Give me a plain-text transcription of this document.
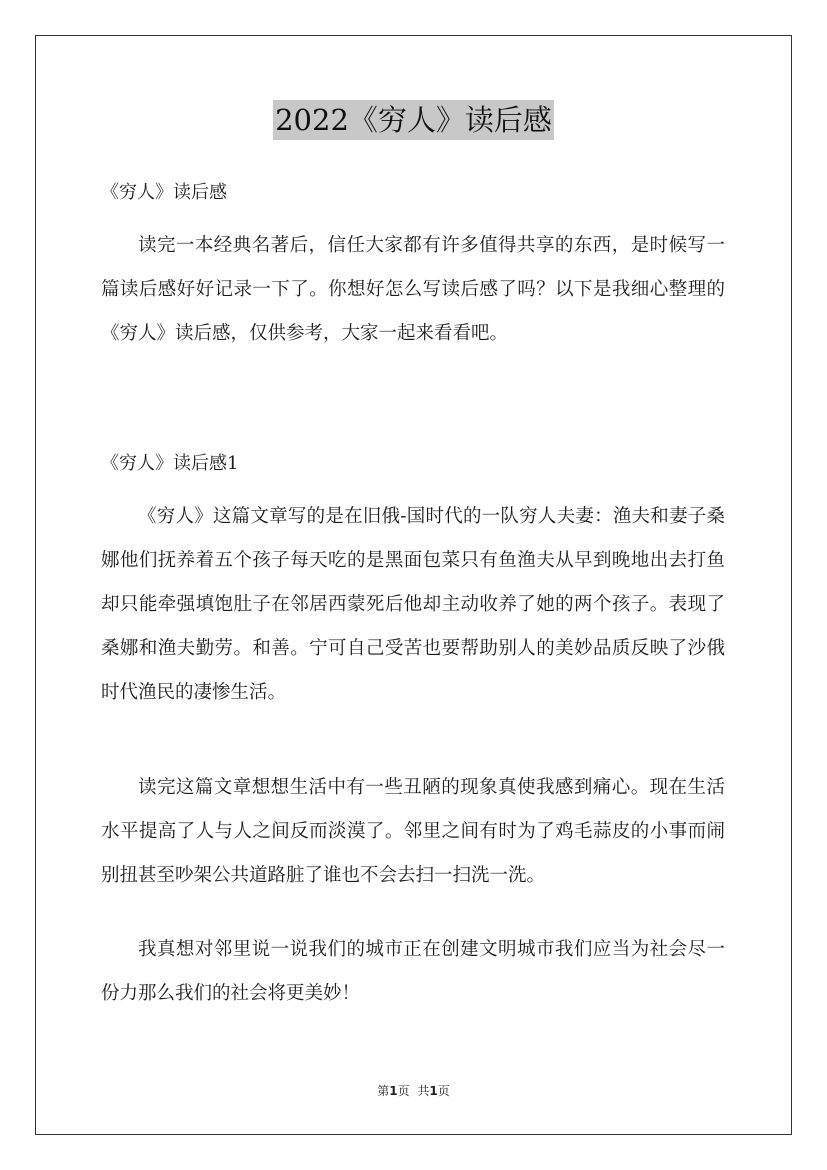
2022《穷人》读后感
《穷人》读后感

读完一本经典名著后，信任大家都有许多值得共享的东西，是时候写一篇读后感好好记录一下了。你想好怎么写读后感了吗？以下是我细心整理的《穷人》读后感，仅供参考，大家一起来看看吧。

《穷人》读后感1

《穷人》这篇文章写的是在旧俄-国时代的一队穷人夫妻：渔夫和妻子桑娜他们抚养着五个孩子每天吃的是黑面包菜只有鱼渔夫从早到晚地出去打鱼却只能牵强填饱肚子在邻居西蒙死后他却主动收养了她的两个孩子。表现了桑娜和渔夫勤劳。和善。宁可自己受苦也要帮助别人的美妙品质反映了沙俄时代渔民的凄惨生活。

读完这篇文章想想生活中有一些丑陋的现象真使我感到痛心。现在生活水平提高了人与人之间反而淡漠了。邻里之间有时为了鸡毛蒜皮的小事而闹别扭甚至吵架公共道路脏了谁也不会去扫一扫洗一洗。

我真想对邻里说一说我们的城市正在创建文明城市我们应当为社会尽一份力那么我们的社会将更美妙！

第1页 共1页
